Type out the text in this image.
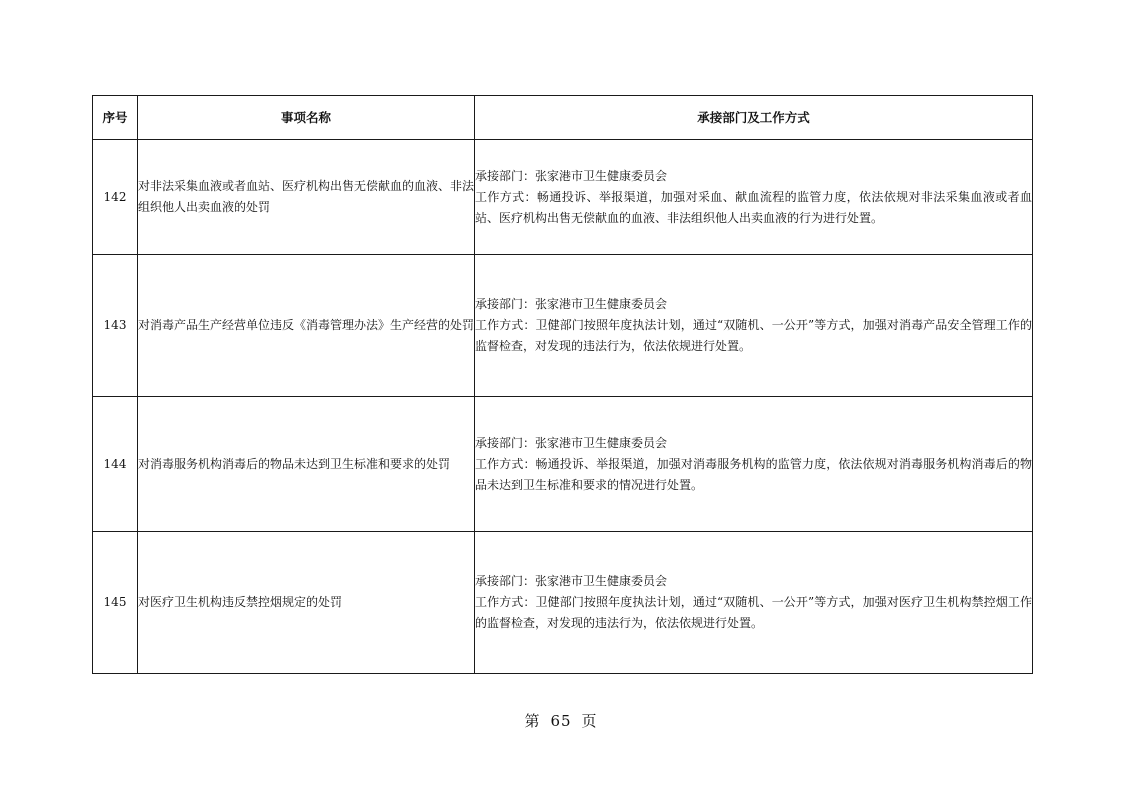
序号	事项名称	承接部门及工作方式
142	对非法采集血液或者血站、医疗机构出售无偿献血的血液、非法组织他人出卖血液的处罚	承接部门：张家港市卫生健康委员会
工作方式：畅通投诉、举报渠道，加强对采血、献血流程的监管力度，依法依规对非法采集血液或者血站、医疗机构出售无偿献血的血液、非法组织他人出卖血液的行为进行处置。

143	对消毒产品生产经营单位违反《消毒管理办法》生产经营的处罚	承接部门：张家港市卫生健康委员会
工作方式：卫健部门按照年度执法计划，通过“双随机、一公开”等方式，加强对消毒产品安全管理工作的监督检查，对发现的违法行为，依法依规进行处置。

144	对消毒服务机构消毒后的物品未达到卫生标准和要求的处罚	承接部门：张家港市卫生健康委员会
工作方式：畅通投诉、举报渠道，加强对消毒服务机构的监管力度，依法依规对消毒服务机构消毒后的物品未达到卫生标准和要求的情况进行处置。

145	对医疗卫生机构违反禁控烟规定的处罚	承接部门：张家港市卫生健康委员会
工作方式：卫健部门按照年度执法计划，通过“双随机、一公开”等方式，加强对医疗卫生机构禁控烟工作的监督检查，对发现的违法行为，依法依规进行处置。
第 65 页
